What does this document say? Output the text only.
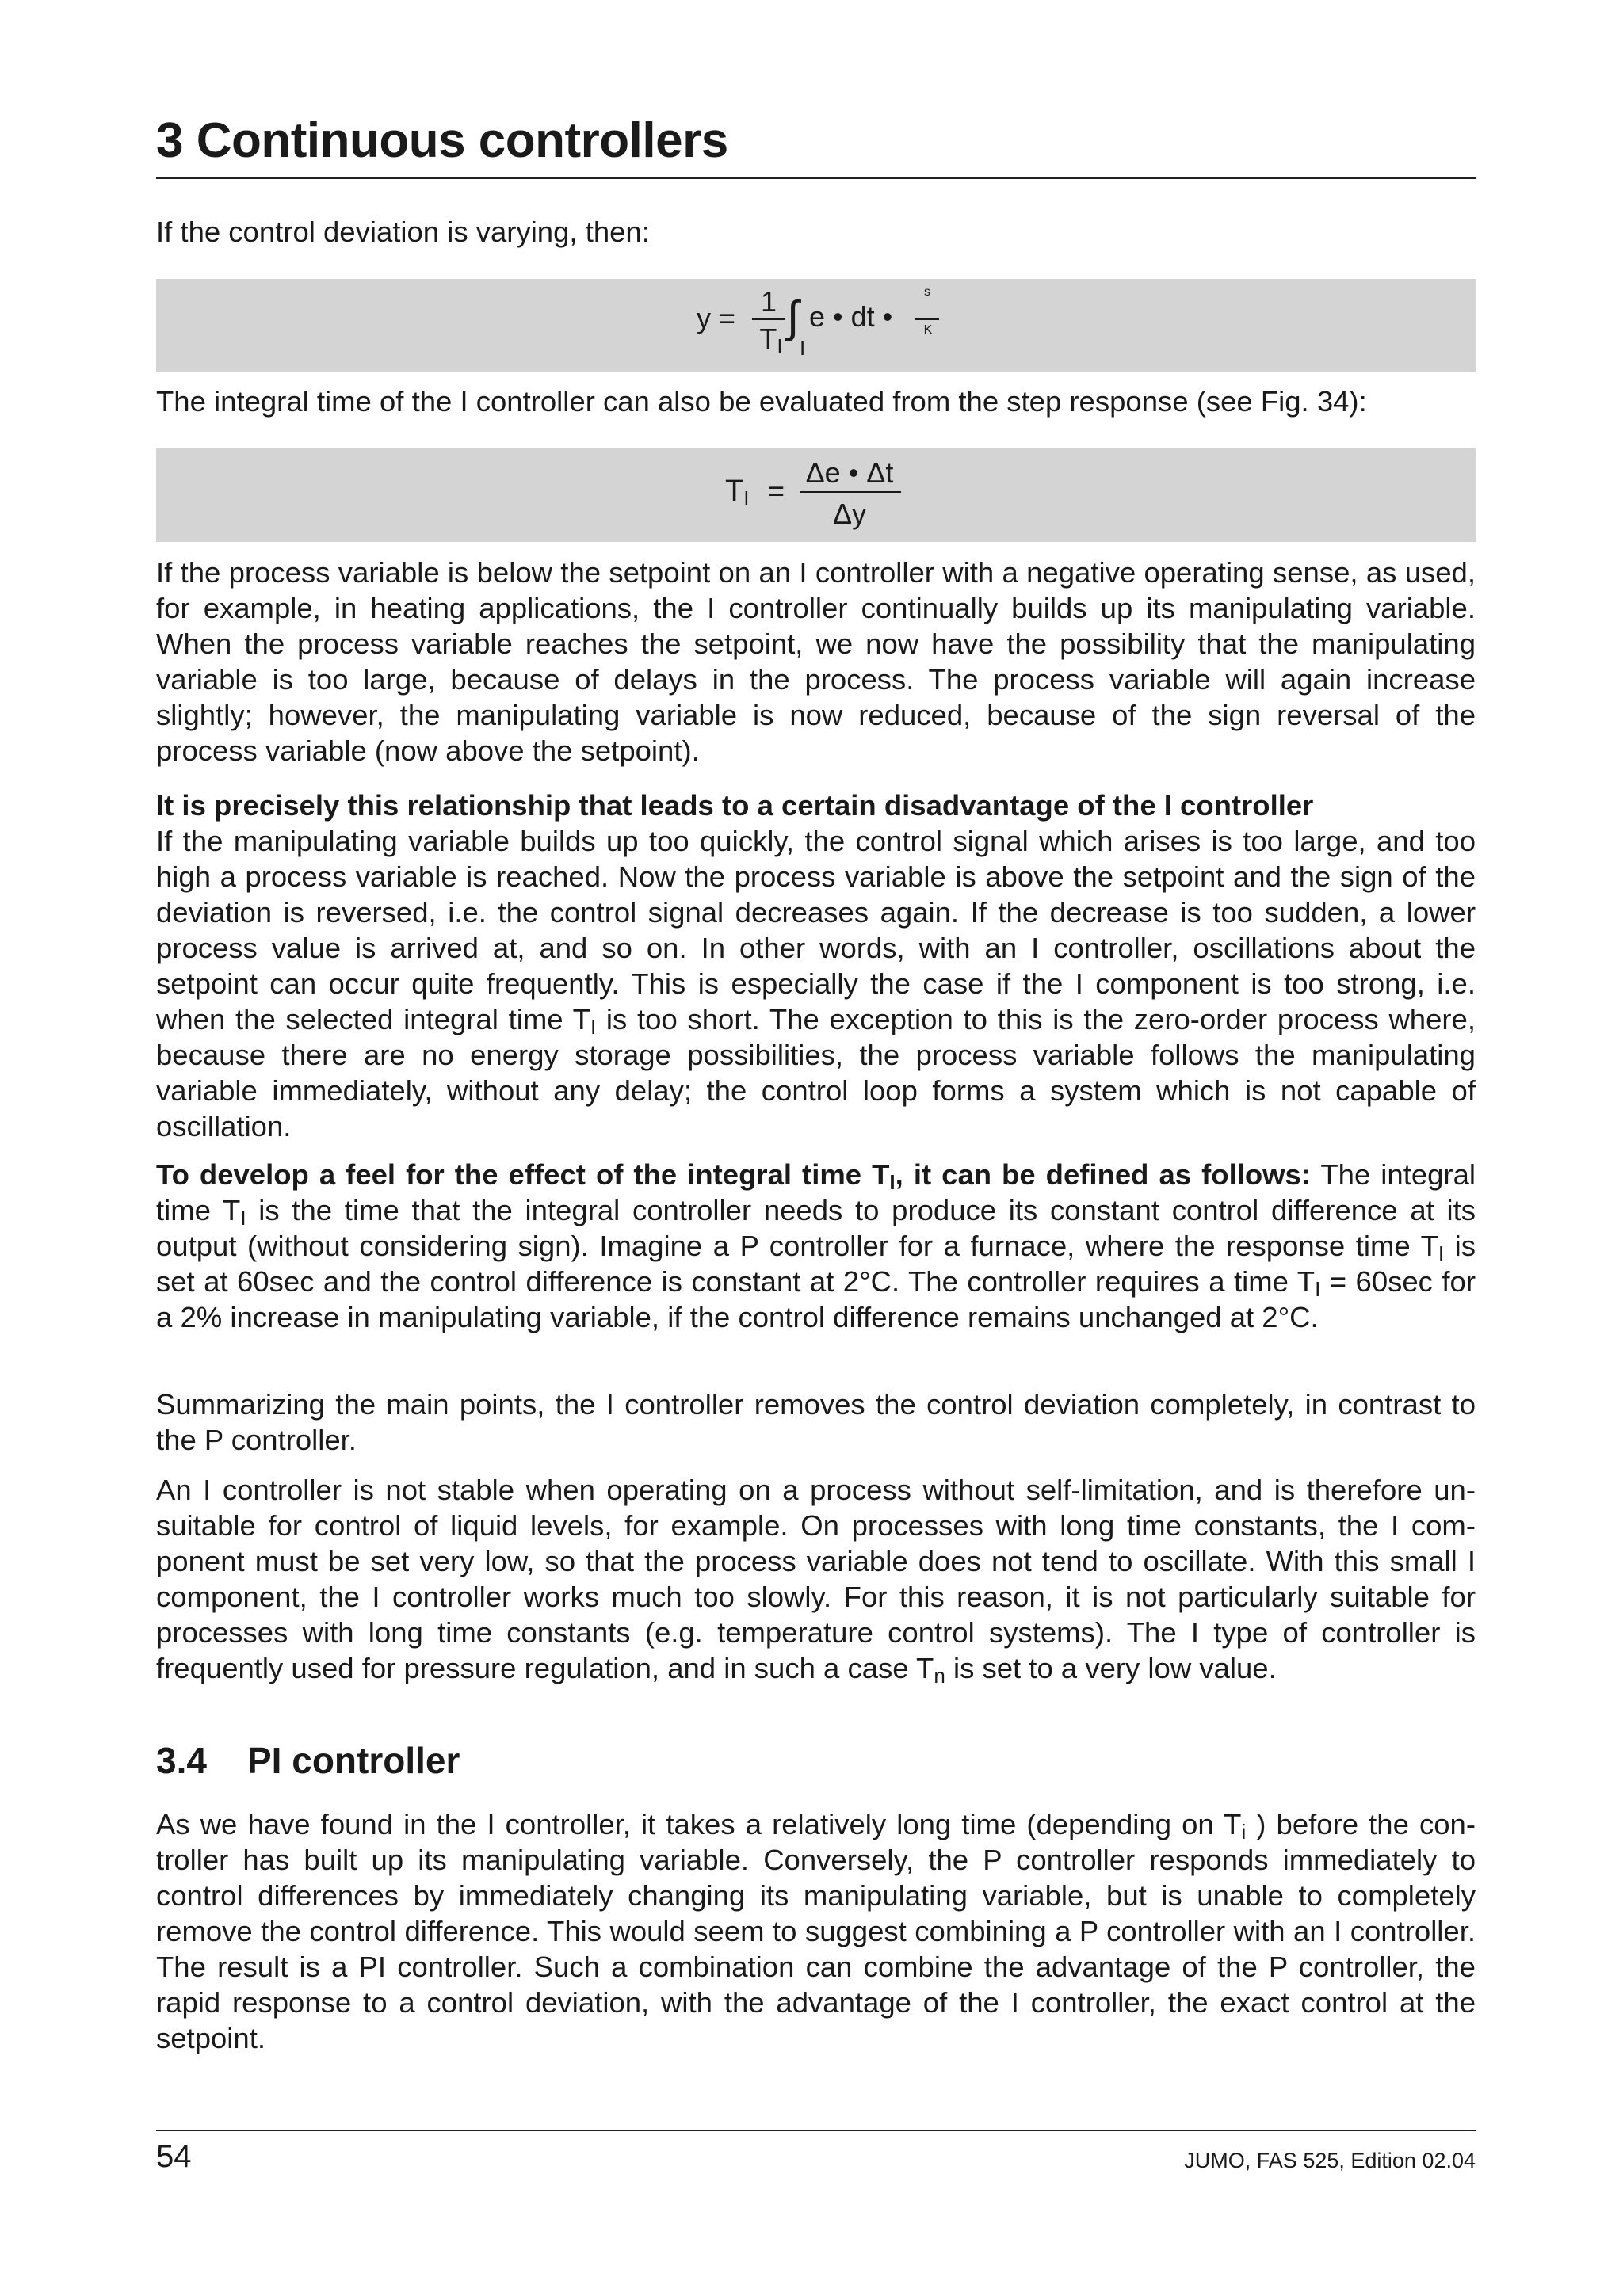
3 Continuous controllers

If the control deviation is varying, then:

y =
1
$T_I$
∫
I
e • dt •
s
K

The integral time of the I controller can also be evaluated from the step response (see Fig. 34):

$T_I$ =
Δe • Δt
Δy

If the process variable is below the setpoint on an I controller with a negative operating sense, as used, for example, in heating applications, the I controller continually builds up its manipulating variable. When the process variable reaches the setpoint, we now have the possibility that the manipulating variable is too large, because of delays in the process. The process variable will again increase slightly; however, the manipulating variable is now reduced, because of the sign reversal of the process variable (now above the setpoint).

It is precisely this relationship that leads to a certain disadvantage of the I controller

If the manipulating variable builds up too quickly, the control signal which arises is too large, and too high a process variable is reached. Now the process variable is above the setpoint and the sign of the deviation is reversed, i.e. the control signal decreases again. If the decrease is too sudden, a lower process value is arrived at, and so on. In other words, with an I controller, oscillations about the setpoint can occur quite frequently. This is especially the case if the I component is too strong, i.e. when the selected integral time $T_I$ is too short. The exception to this is the zero-order process where, because there are no energy storage possibilities, the process variable follows the manipulating variable immediately, without any delay; the control loop forms a system which is not capable of oscillation.

To develop a feel for the effect of the integral time $T_I$, it can be defined as follows: The integral time $T_I$ is the time that the integral controller needs to produce its constant control difference at its output (without considering sign). Imagine a P controller for a furnace, where the response time $T_I$ is set at 60sec and the control difference is constant at 2°C. The controller requires a time $T_I = 60\sec$ for a 2% increase in manipulating variable, if the control difference remains unchanged at 2°C.

Summarizing the main points, the I controller removes the control deviation completely, in contrast to the P controller.

An I controller is not stable when operating on a process without self-limitation, and is therefore unsuitable for control of liquid levels, for example. On processes with long time constants, the I component must be set very low, so that the process variable does not tend to oscillate. With this small I component, the I controller works much too slowly. For this reason, it is not particularly suitable for processes with long time constants (e.g. temperature control systems). The I type of controller is frequently used for pressure regulation, and in such a case $T_n$ is set to a very low value.

3.4 PI controller

As we have found in the I controller, it takes a relatively long time (depending on $T_i$ ) before the controller has built up its manipulating variable. Conversely, the P controller responds immediately to control differences by immediately changing its manipulating variable, but is unable to completely remove the control difference. This would seem to suggest combining a P controller with an I controller. The result is a PI controller. Such a combination can combine the advantage of the P controller, the rapid response to a control deviation, with the advantage of the I controller, the exact control at the setpoint.

54	JUMO, FAS 525, Edition 02.04
